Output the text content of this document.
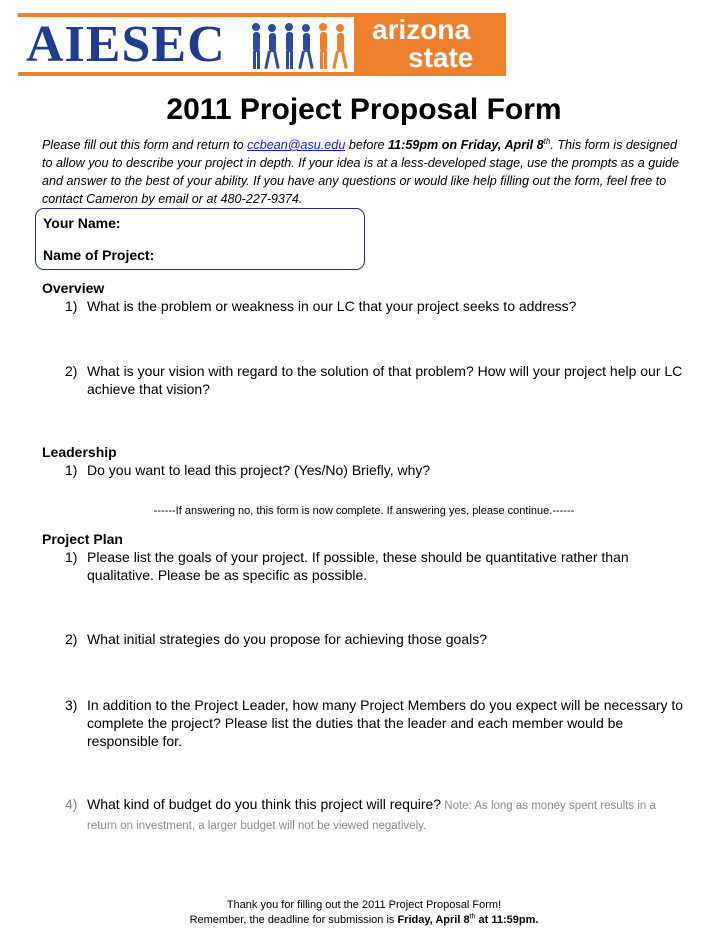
AIESEC	arizona
state
2011 Project Proposal Form
Please fill out this form and return to ccbean@asu.edu before 11:59pm on Friday, April 8th. This form is designed to allow you to describe your project in depth. If your idea is at a less-developed stage, use the prompts as a guide and answer to the best of your ability. If you have any questions or would like help filling out the form, feel free to contact Cameron by email or at 480-227-9374.
Your Name:
Name of Project:
Overview
1) What is the problem or weakness in our LC that your project seeks to address?
2) What is your vision with regard to the solution of that problem? How will your project help our LC achieve that vision?
Leadership
1) Do you want to lead this project? (Yes/No) Briefly, why?
------If answering no, this form is now complete. If answering yes, please continue.------
Project Plan
1) Please list the goals of your project. If possible, these should be quantitative rather than qualitative. Please be as specific as possible.
2) What initial strategies do you propose for achieving those goals?
3) In addition to the Project Leader, how many Project Members do you expect will be necessary to complete the project? Please list the duties that the leader and each member would be responsible for.
4) What kind of budget do you think this project will require? Note: As long as money spent results in a return on investment, a larger budget will not be viewed negatively.
Thank you for filling out the 2011 Project Proposal Form!
Remember, the deadline for submission is Friday, April 8th at 11:59pm.
